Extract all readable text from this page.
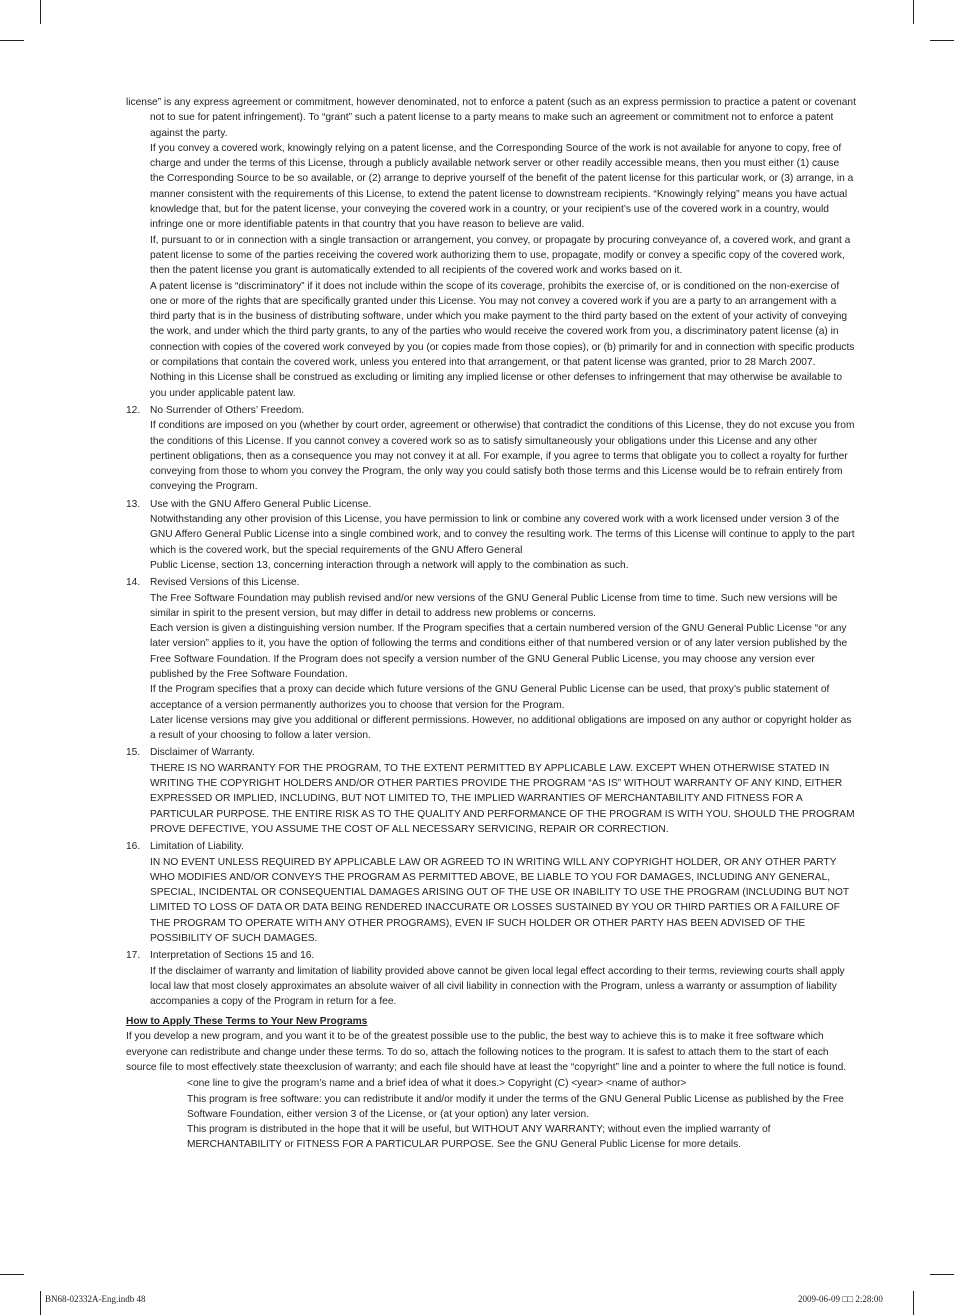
license” is any express agreement or commitment, however denominated, not to enforce a patent (such as an express permission to practice a patent or covenant not to sue for patent infringement). To “grant” such a patent license to a party means to make such an agreement or commitment not to enforce a patent against the party.

If you convey a covered work, knowingly relying on a patent license, and the Corresponding Source of the work is not available for anyone to copy, free of charge and under the terms of this License, through a publicly available network server or other readily accessible means, then you must either (1) cause the Corresponding Source to be so available, or (2) arrange to deprive yourself of the benefit of the patent license for this particular work, or (3) arrange, in a manner consistent with the requirements of this License, to extend the patent license to downstream recipients. “Knowingly relying” means you have actual knowledge that, but for the patent license, your conveying the covered work in a country, or your recipient’s use of the covered work in a country, would infringe one or more identifiable patents in that country that you have reason to believe are valid.

If, pursuant to or in connection with a single transaction or arrangement, you convey, or propagate by procuring conveyance of, a covered work, and grant a patent license to some of the parties receiving the covered work authorizing them to use, propagate, modify or convey a specific copy of the covered work, then the patent license you grant is automatically extended to all recipients of the covered work and works based on it.

A patent license is “discriminatory” if it does not include within the scope of its coverage, prohibits the exercise of, or is conditioned on the non-exercise of one or more of the rights that are specifically granted under this License. You may not convey a covered work if you are a party to an arrangement with a third party that is in the business of distributing software, under which you make payment to the third party based on the extent of your activity of conveying the work, and under which the third party grants, to any of the parties who would receive the covered work from you, a discriminatory patent license (a) in connection with copies of the covered work conveyed by you (or copies made from those copies), or (b) primarily for and in connection with specific products or compilations that contain the covered work, unless you entered into that arrangement, or that patent license was granted, prior to 28 March 2007.

Nothing in this License shall be construed as excluding or limiting any implied license or other defenses to infringement that may otherwise be available to you under applicable patent law.

12. No Surrender of Others’ Freedom.

If conditions are imposed on you (whether by court order, agreement or otherwise) that contradict the conditions of this License, they do not excuse you from the conditions of this License. If you cannot convey a covered work so as to satisfy simultaneously your obligations under this License and any other pertinent obligations, then as a consequence you may not convey it at all. For example, if you agree to terms that obligate you to collect a royalty for further conveying from those to whom you convey the Program, the only way you could satisfy both those terms and this License would be to refrain entirely from conveying the Program.

13. Use with the GNU Affero General Public License.

Notwithstanding any other provision of this License, you have permission to link or combine any covered work with a work licensed under version 3 of the GNU Affero General Public License into a single combined work, and to convey the resulting work. The terms of this License will continue to apply to the part which is the covered work, but the special requirements of the GNU Affero General

Public License, section 13, concerning interaction through a network will apply to the combination as such.

14. Revised Versions of this License.

The Free Software Foundation may publish revised and/or new versions of the GNU General Public License from time to time. Such new versions will be similar in spirit to the present version, but may differ in detail to address new problems or concerns.

Each version is given a distinguishing version number. If the Program specifies that a certain numbered version of the GNU General Public License “or any later version” applies to it, you have the option of following the terms and conditions either of that numbered version or of any later version published by the Free Software Foundation. If the Program does not specify a version number of the GNU General Public License, you may choose any version ever published by the Free Software Foundation.

If the Program specifies that a proxy can decide which future versions of the GNU General Public License can be used, that proxy’s public statement of acceptance of a version permanently authorizes you to choose that version for the Program.

Later license versions may give you additional or different permissions. However, no additional obligations are imposed on any author or copyright holder as a result of your choosing to follow a later version.

15. Disclaimer of Warranty.

THERE IS NO WARRANTY FOR THE PROGRAM, TO THE EXTENT PERMITTED BY APPLICABLE LAW. EXCEPT WHEN OTHERWISE STATED IN WRITING THE COPYRIGHT HOLDERS AND/OR OTHER PARTIES PROVIDE THE PROGRAM “AS IS” WITHOUT WARRANTY OF ANY KIND, EITHER EXPRESSED OR IMPLIED, INCLUDING, BUT NOT LIMITED TO, THE IMPLIED WARRANTIES OF MERCHANTABILITY AND FITNESS FOR A PARTICULAR PURPOSE. THE ENTIRE RISK AS TO THE QUALITY AND PERFORMANCE OF THE PROGRAM IS WITH YOU. SHOULD THE PROGRAM PROVE DEFECTIVE, YOU ASSUME THE COST OF ALL NECESSARY SERVICING, REPAIR OR CORRECTION.

16. Limitation of Liability.

IN NO EVENT UNLESS REQUIRED BY APPLICABLE LAW OR AGREED TO IN WRITING WILL ANY COPYRIGHT HOLDER, OR ANY OTHER PARTY WHO MODIFIES AND/OR CONVEYS THE PROGRAM AS PERMITTED ABOVE, BE LIABLE TO YOU FOR DAMAGES, INCLUDING ANY GENERAL, SPECIAL, INCIDENTAL OR CONSEQUENTIAL DAMAGES ARISING OUT OF THE USE OR INABILITY TO USE THE PROGRAM (INCLUDING BUT NOT LIMITED TO LOSS OF DATA OR DATA BEING RENDERED INACCURATE OR LOSSES SUSTAINED BY YOU OR THIRD PARTIES OR A FAILURE OF THE PROGRAM TO OPERATE WITH ANY OTHER PROGRAMS), EVEN IF SUCH HOLDER OR OTHER PARTY HAS BEEN ADVISED OF THE POSSIBILITY OF SUCH DAMAGES.

17. Interpretation of Sections 15 and 16.

If the disclaimer of warranty and limitation of liability provided above cannot be given local legal effect according to their terms, reviewing courts shall apply local law that most closely approximates an absolute waiver of all civil liability in connection with the Program, unless a warranty or assumption of liability accompanies a copy of the Program in return for a fee.

How to Apply These Terms to Your New Programs

If you develop a new program, and you want it to be of the greatest possible use to the public, the best way to achieve this is to make it free software which everyone can redistribute and change under these terms. To do so, attach the following notices to the program. It is safest to attach them to the start of each source file to most effectively state theexclusion of warranty; and each file should have at least the “copyright” line and a pointer to where the full notice is found.

<one line to give the program’s name and a brief idea of what it does.> Copyright (C) <year> <name of author>

This program is free software: you can redistribute it and/or modify it under the terms of the GNU General Public License as published by the Free Software Foundation, either version 3 of the License, or (at your option) any later version.

This program is distributed in the hope that it will be useful, but WITHOUT ANY WARRANTY; without even the implied warranty of MERCHANTABILITY or FITNESS FOR A PARTICULAR PURPOSE. See the GNU General Public License for more details.

BN68-02332A-Eng.indb 48	2009-06-09 □□ 2:28:00
